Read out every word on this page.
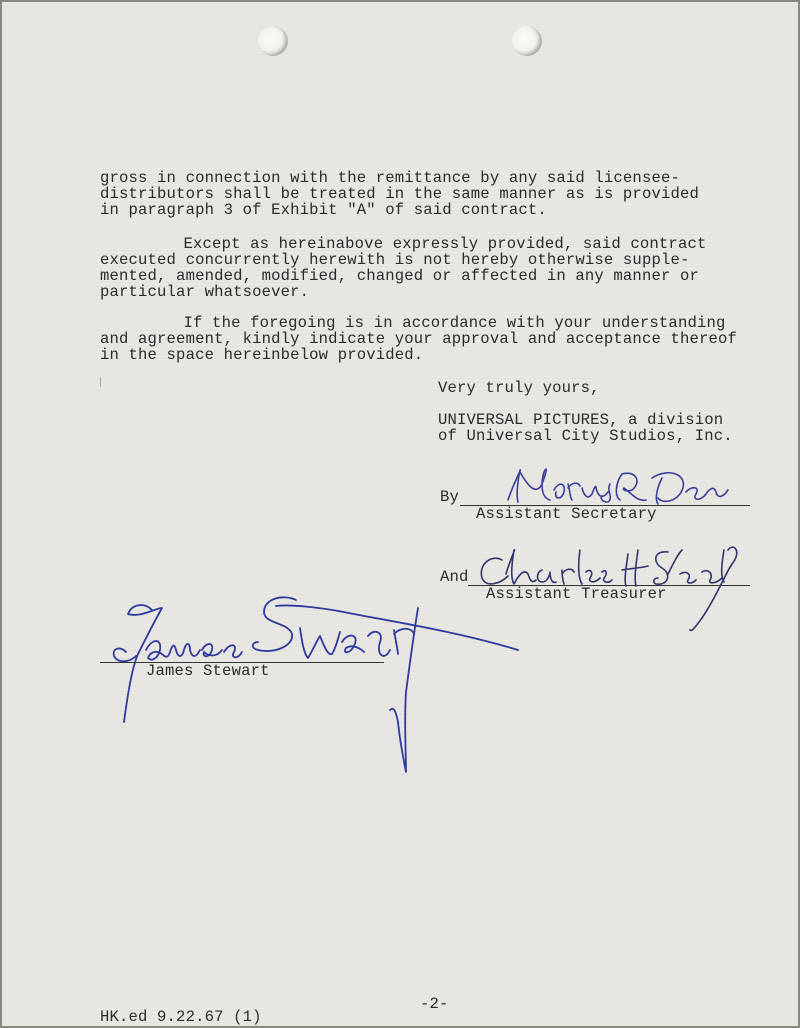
gross in connection with the remittance by any said licensee-

distributors shall be treated in the same manner as is provided

in paragraph 3 of Exhibit "A" of said contract.

Except as hereinabove expressly provided, said contract

executed concurrently herewith is not hereby otherwise supple-

mented, amended, modified, changed or affected in any manner or

particular whatsoever.

If the foregoing is in accordance with your understanding

and agreement, kindly indicate your approval and acceptance thereof

in the space hereinbelow provided.

Very truly yours,

UNIVERSAL PICTURES, a division

of Universal City Studios, Inc.

By

Assistant Secretary

And

Assistant Treasurer

James Stewart

-2-

HK.ed 9.22.67 (1)
